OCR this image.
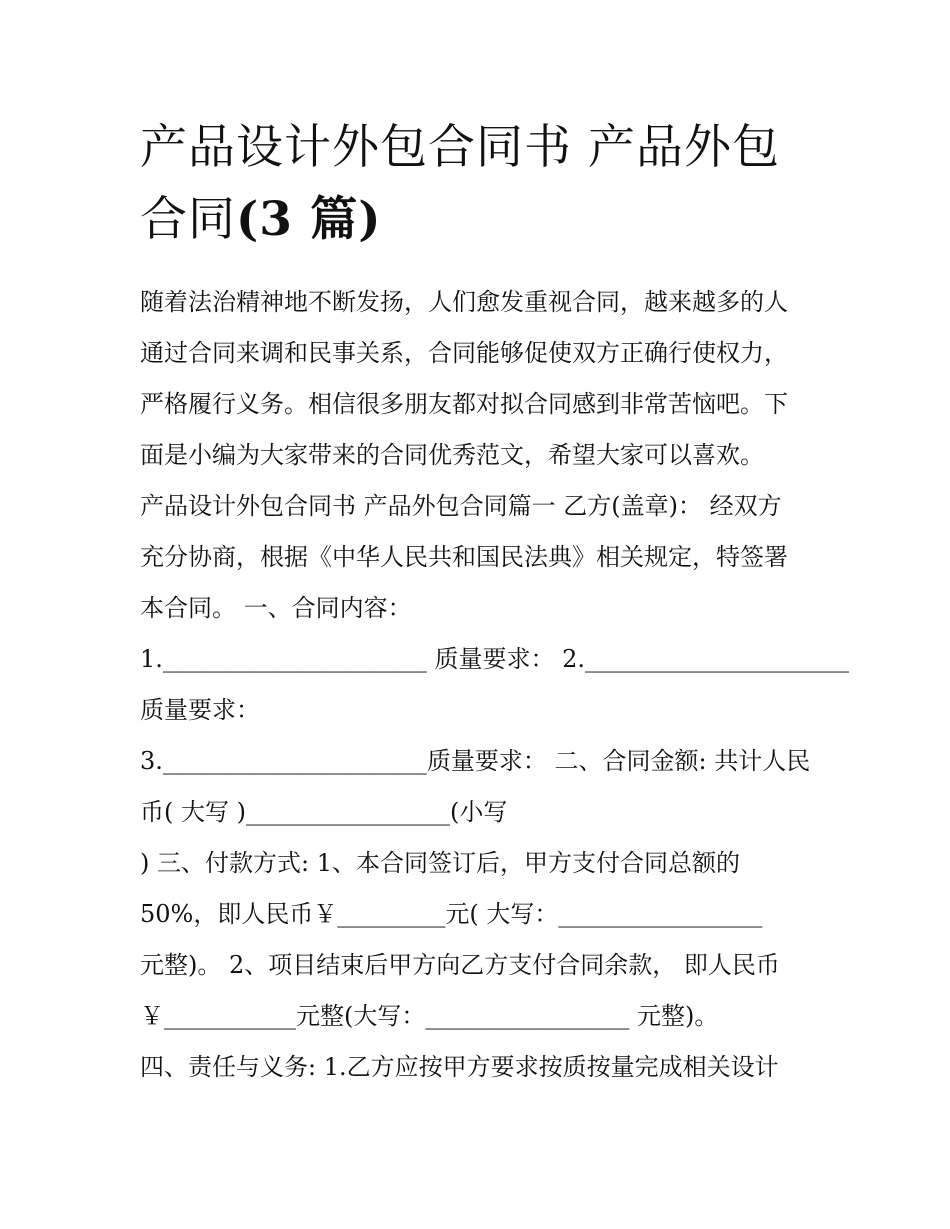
产品设计外包合同书 产品外包
合同(3 篇)
随着法治精神地不断发扬，人们愈发重视合同，越来越多的人
通过合同来调和民事关系，合同能够促使双方正确行使权力，
严格履行义务。相信很多朋友都对拟合同感到非常苦恼吧。下
面是小编为大家带来的合同优秀范文，希望大家可以喜欢。
产品设计外包合同书 产品外包合同篇一 乙方(盖章)： 经双方
充分协商，根据《中华人民共和国民法典》相关规定，特签署
本合同。 一、合同内容：
1.______________________ 质量要求： 2.______________________
质量要求：
3.______________________质量要求： 二、合同金额: 共计人民
币( 大写 )_________________(小写
) 三、付款方式: 1、本合同签订后，甲方支付合同总额的
50%，即人民币￥_________元( 大写：_________________
元整)。 2、项目结束后甲方向乙方支付合同余款， 即人民币
￥___________元整(大写：_________________ 元整)。
四、责任与义务: 1.乙方应按甲方要求按质按量完成相关设计
